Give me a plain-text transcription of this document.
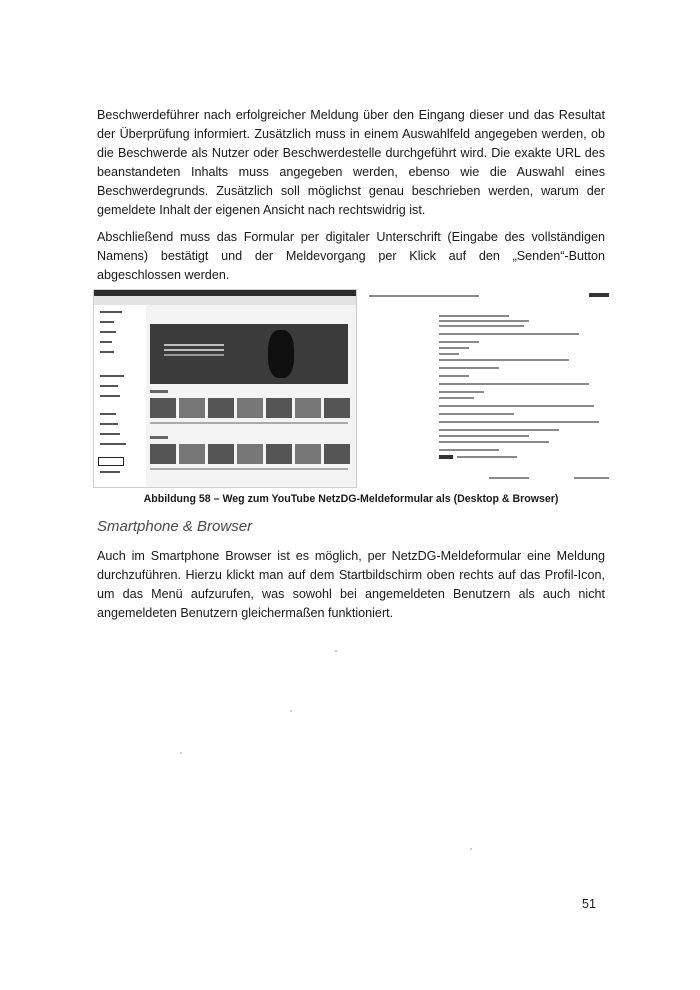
Beschwerdeführer nach erfolgreicher Meldung über den Eingang dieser und das Resultat der Überprüfung informiert. Zusätzlich muss in einem Auswahlfeld angegeben werden, ob die Beschwerde als Nutzer oder Beschwerdestelle durchgeführt wird. Die exakte URL des beanstandeten Inhalts muss angegeben werden, ebenso wie die Auswahl eines Beschwerdegrunds. Zusätzlich soll möglichst genau beschrieben werden, warum der gemeldete Inhalt der eigenen Ansicht nach rechtswidrig ist.

Abschließend muss das Formular per digitaler Unterschrift (Eingabe des vollständigen Namens) bestätigt und der Meldevorgang per Klick auf den „Senden“-Button abgeschlossen werden.

Abbildung 58 – Weg zum YouTube NetzDG-Meldeformular als (Desktop & Browser)

Smartphone & Browser

Auch im Smartphone Browser ist es möglich, per NetzDG-Meldeformular eine Meldung durchzuführen. Hierzu klickt man auf dem Startbildschirm oben rechts auf das Profil-Icon, um das Menü aufzurufen, was sowohl bei angemeldeten Benutzern als auch nicht angemeldeten Benutzern gleichermaßen funktioniert.

51
